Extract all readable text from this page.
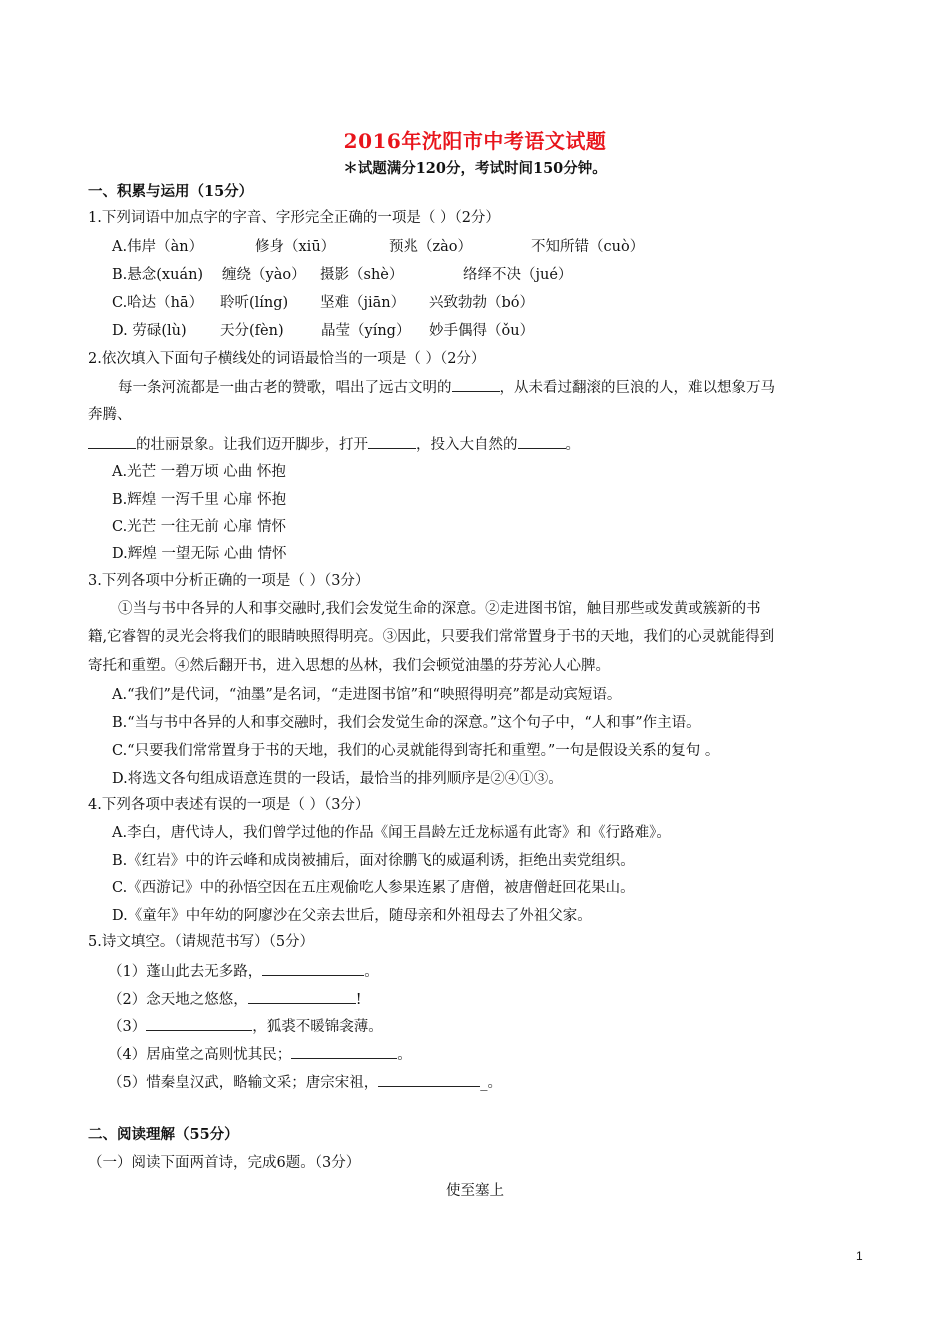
2016年沈阳市中考语文试题
＊试题满分120分，考试时间150分钟。
一、积累与运用（15分）
1.下列词语中加点字的字音、字形完全正确的一项是（ ）（2分）
A.伟岸（àn）	修身（xiū）	预兆（zào）	不知所错（cuò）
B.悬念(xuán) 缠绕（yào） 摄影（shè）	络绎不决（jué）
C.哈达（hā） 聆听(líng) 坚难（jiān） 兴致勃勃（bó）
D. 劳碌(lù) 天分(fèn)	晶莹（yíng） 妙手偶得（ǒu）
2.依次填入下面句子横线处的词语最恰当的一项是（ ）（2分）
每一条河流都是一曲古老的赞歌，唱出了远古文明的	，从未看过翻滚的巨浪的人，难以想象万马
奔腾、
的壮丽景象。让我们迈开脚步，打开	，投入大自然的	。
A.光芒 一碧万顷 心曲 怀抱
B.辉煌 一泻千里 心扉 怀抱
C.光芒 一往无前 心扉 情怀
D.辉煌 一望无际 心曲 情怀
3.下列各项中分析正确的一项是（ ）（3分）
①当与书中各异的人和事交融时,我们会发觉生命的深意。②走进图书馆，触目那些或发黄或簇新的书
籍,它睿智的灵光会将我们的眼睛映照得明亮。③因此，只要我们常常置身于书的天地，我们的心灵就能得到
寄托和重塑。④然后翻开书，进入思想的丛林，我们会顿觉油墨的芬芳沁人心脾。
A.“我们”是代词，“油墨”是名词，“走进图书馆”和“映照得明亮”都是动宾短语。
B.“当与书中各异的人和事交融时，我们会发觉生命的深意。”这个句子中，“人和事”作主语。
C.“只要我们常常置身于书的天地，我们的心灵就能得到寄托和重塑。”一句是假设关系的复句 。
D.将选文各句组成语意连贯的一段话，最恰当的排列顺序是②④①③。
4.下列各项中表述有误的一项是（ ）（3分）
A.李白，唐代诗人，我们曾学过他的作品《闻王昌龄左迁龙标遥有此寄》和《行路难》。
B.《红岩》中的许云峰和成岗被捕后，面对徐鹏飞的威逼利诱，拒绝出卖党组织。
C.《西游记》中的孙悟空因在五庄观偷吃人参果连累了唐僧，被唐僧赶回花果山。
D.《童年》中年幼的阿廖沙在父亲去世后，随母亲和外祖母去了外祖父家。
5.诗文填空。（请规范书写）（5分）
（1）蓬山此去无多路，	。
（2）念天地之悠悠，	!
（3）	，狐裘不暖锦衾薄。
（4）居庙堂之高则忧其民；	。
（5）惜秦皇汉武，略输文采；唐宗宋祖，	_。
二、阅读理解（55分）
（一）阅读下面两首诗，完成6题。（3分）
使至塞上
1
